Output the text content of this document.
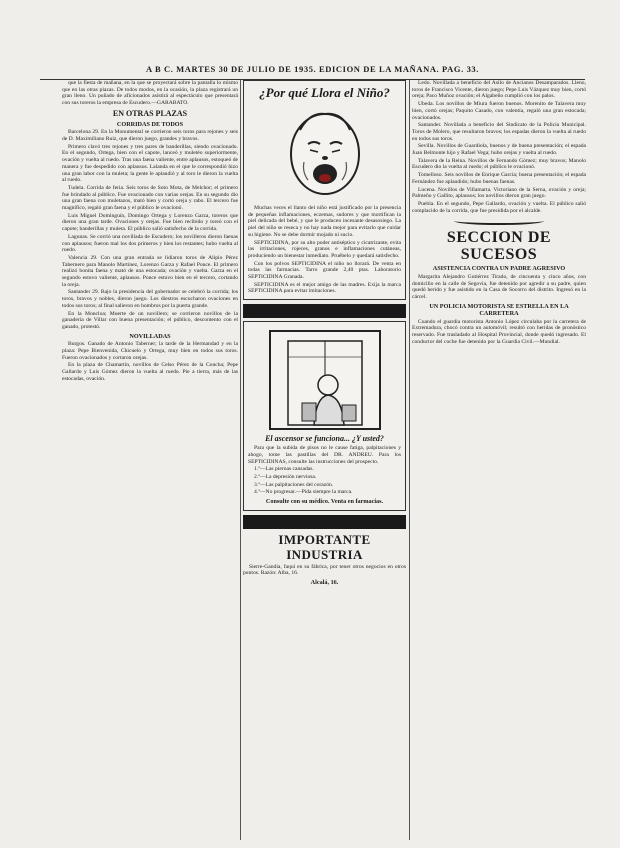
A B C. MARTES 30 DE JULIO DE 1935. EDICION DE LA MAÑANA. PAG. 33.

que la fiesta de mañana, en la que se proyectará sobre la pantalla lo mismo que en las otras plazas. De todos modos, en la ocasión, la plaza registrará un gran lleno. Un puñado de aficionados asistirá al espectáculo que presentará con sus toreros la empresa de Escudero.—GARABATO.

EN OTRAS PLAZAS
CORRIDAS DE TODOS

Barcelona 29. En la Monumental se corrieron seis toros para rejones y seis de D. Maximiliano Ruiz, que dieron juego, grandes y bravos.

Primero clavó tres rejones y tres pares de banderillas, siendo ovacionado. En el segundo, Ortega, bien con el capote, lanceó y muletéo superiormente, ovación y vuelta al ruedo. Tras una faena valiente, entre aplausos, estoqueó de manera y fue despedido con aplausos. Lalanda en el que le correspondió hizo una gran labor con la muleta; la gente le aplaudió y al toro le dieron la vuelta al ruedo.

Tudela. Corrida de feria. Seis toros de Soto Mota, de Melchor; el primero fue brindado al público. Fue ovacionado con varias orejas. En su segundo dio una gran faena con muletazos, mató bien y cortó oreja y rabo. El tercero fue magnífico, regaló gran faena y el público le ovacionó.

Luis Miguel Dominguín, Domingo Ortega y Lorenzo Garza, toreros que dieron una gran tarde. Ovaciones y orejas. Fue bien recibido y toreó con el capote; banderillas y muleta. El público salió satisfecho de la corrida.

Lagunas. Se corrió una novillada de Escudero; los novilleros dieron faenas con aplausos; fueron mal los dos primeros y bien los restantes; hubo vuelta al ruedo.

Valencia 29. Con una gran entrada se lidiaron toros de Alipio Pérez Tabernero para Manolo Martínez, Lorenzo Garza y Rafael Ponce. El primero realizó bonita faena y mató de una estocada; ovación y vuelta. Garza en el segundo estuvo valiente, aplausos. Ponce estuvo bien en el tercero, cortando la oreja.

Santander 29. Bajo la presidencia del gobernador se celebró la corrida; los toros, bravos y nobles, dieron juego. Los diestros escucharon ovaciones en todos sus toros; al final salieron en hombros por la puerta grande.

En la Moncloa; Muerte de un novillero; se corrieron novillos de la ganadería de Villar con buena presentación; el público, descontento con el ganado, protestó.

NOVILLADAS

Burgos. Ganado de Antonio Taberner; la tarde de la Hermandad y en la plaza: Pepe Bienvenida, Chicuelo y Ortega, muy bien en todos sus toros. Fueron ovacionados y cortaron orejas.

En la plaza de Chamartín, novillos de Celso Pérez de la Concha; Pepe Gallardo y Luis Gómez dieron la vuelta al ruedo. Pie a tierra, más de las estocadas, ovación.

¿Por qué Llora el Niño?

Muchas veces el llanto del niño está justificado por la presencia de pequeñas inflamaciones, eczemas, sudores y que mortifican la piel delicada del bebé, y que le producen incesante desasosiego. La piel del niño se reseca y no hay nada mejor para evitarlo que cuidar su higiene. No se debe dormir mojado ni sucio.

SEPTICIDINA, por su alto poder antiséptico y cicatrizante, evita las irritaciones, rojeces, granos e inflamaciones cutáneas, produciendo un bienestar inmediato. Pruébelo y quedará satisfecho.

Con los polvos SEPTICIDINA el niño no llorará. De venta en todas las farmacias. Tarro grande 2,40 ptas. Laboratorio SEPTICIDINA Granada.

SEPTICIDINA es el mejor amigo de las madres. Exija la marca SEPTICIDINA para evitar imitaciones.

El ascensor se funciona... ¿Y usted?

Para que la subida de pisos no le cause fatiga, palpitaciones y ahogo, tome las pastillas del DR. ANDREU. Para los SEPTICIDINAS, consulte las instrucciones del prospecto.

1.º—Las piernas cansadas.

2.º—La depresión nerviosa.

3.º—Las palpitaciones del corazón.

4.º—No progresar.—Pida siempre la marca.

Consulte con su médico. Venta en farmacias.
IMPORTANTE INDUSTRIA

Sierre-Gandia, faqui en su fábrica, por tener otros negocios en otros puntos. Razón: Alba, 16.

Alcalá, 16.

Ledo. Novillada a beneficio del Asilo de Ancianos Desamparados. Lleno, toros de Francisco Vicente, dieron juego; Pepe Luis Vázquez muy bien, cortó oreja; Paco Muñoz ovación; el Algabeño cumplió con los palos.

Ubeda. Los novillos de Miura fueron buenos. Morenito de Talavera muy bien, cortó orejas; Paquito Casado, con valentía, regaló una gran estocada; ovacionados.

Santander. Novillada a beneficio del Sindicato de la Policía Municipal. Toros de Molero, que resultaron bravos; los espadas dieron la vuelta al ruedo en todos sus toros.

Sevilla. Novillos de Guardiola, buenos y de buena presentación; el espada Juan Belmonte hijo y Rafael Vega; hubo orejas y vuelta al ruedo.

Talavera de la Reina. Novillos de Fernando Gómez; muy bravos; Manolo Escudero dio la vuelta al ruedo; el público le ovacionó.

Tomelloso. Seis novillos de Enrique García; buena presentación; el espada Fernández fue aplaudido; hubo buenas faenas.

Lucena. Novillos de Villamarta. Victoriano de la Serna, ovación y oreja; Palmeño y Gallito, aplausos; los novillos dieron gran juego.

Puebla. En el segundo, Pepe Gallardo, ovación y vuelta. El público salió complacido de la corrida, que fue presidida por el alcalde.

SECCION DE SUCESOS
ASISTENCIA CONTRA UN PADRE AGRESIVO

Margarita Alejandro Gutiérrez Tirado, de cincuenta y cinco años, con domicilio en la calle de Segovia, fue detenido por agredir a su padre, quien quedó herido y fue asistido en la Casa de Socorro del distrito. Ingresó en la cárcel.

UN POLICIA MOTORISTA SE ESTRELLA EN LA CARRETERA

Cuando el guardia motorista Antonio López circulaba por la carretera de Extremadura, chocó contra un automóvil; resultó con heridas de pronóstico reservado. Fue trasladado al Hospital Provincial, donde quedó ingresado. El conductor del coche fue detenido por la Guardia Civil.—Mundial.
